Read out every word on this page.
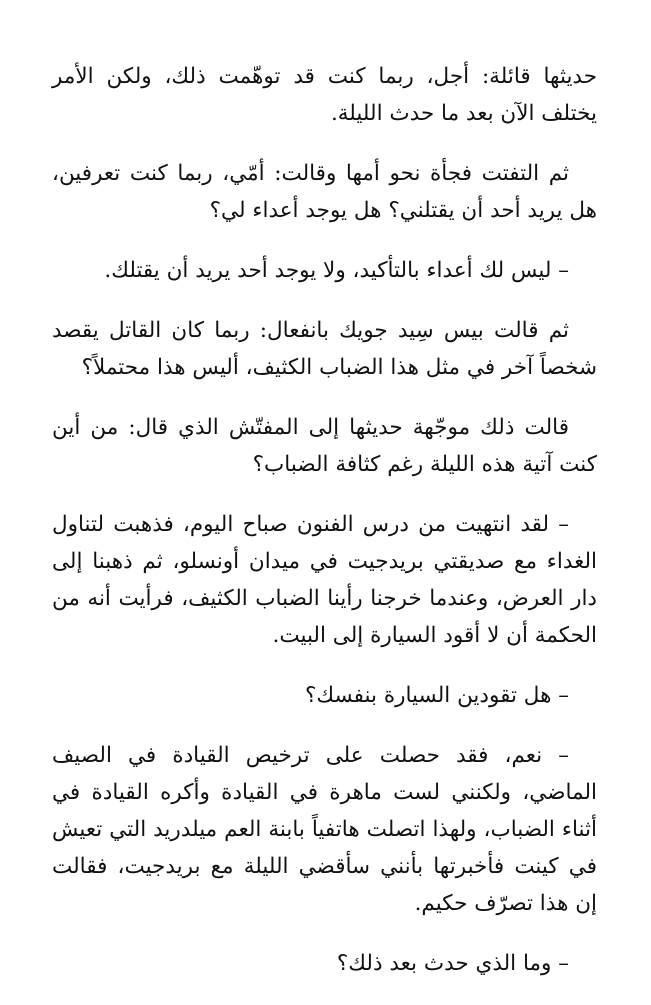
حديثها قائلة: أجل، ربما كنت قد توهّمت ذلك، ولكن الأمر يختلف الآن بعد ما حدث الليلة.

ثم التفتت فجأة نحو أمها وقالت: أمّي، ربما كنت تعرفين، هل يريد أحد أن يقتلني؟ هل يوجد أعداء لي؟

– ليس لك أعداء بالتأكيد، ولا يوجد أحد يريد أن يقتلك.

ثم قالت بيس سِيد جويك بانفعال: ربما كان القاتل يقصد شخصاً آخر في مثل هذا الضباب الكثيف، أليس هذا محتملاً؟

قالت ذلك موجّهة حديثها إلى المفتّش الذي قال: من أين كنت آتية هذه الليلة رغم كثافة الضباب؟

– لقد انتهيت من درس الفنون صباح اليوم، فذهبت لتناول الغداء مع صديقتي بريدجيت في ميدان أونسلو، ثم ذهبنا إلى دار العرض، وعندما خرجنا رأينا الضباب الكثيف، فرأيت أنه من الحكمة أن لا أقود السيارة إلى البيت.

– هل تقودين السيارة بنفسك؟

– نعم، فقد حصلت على ترخيص القيادة في الصيف الماضي، ولكنني لست ماهرة في القيادة وأكره القيادة في أثناء الضباب، ولهذا اتصلت هاتفياً بابنة العم ميلدريد التي تعيش في كينت فأخبرتها بأنني سأقضي الليلة مع بريدجيت، فقالت إن هذا تصرّف حكيم.

– وما الذي حدث بعد ذلك؟
